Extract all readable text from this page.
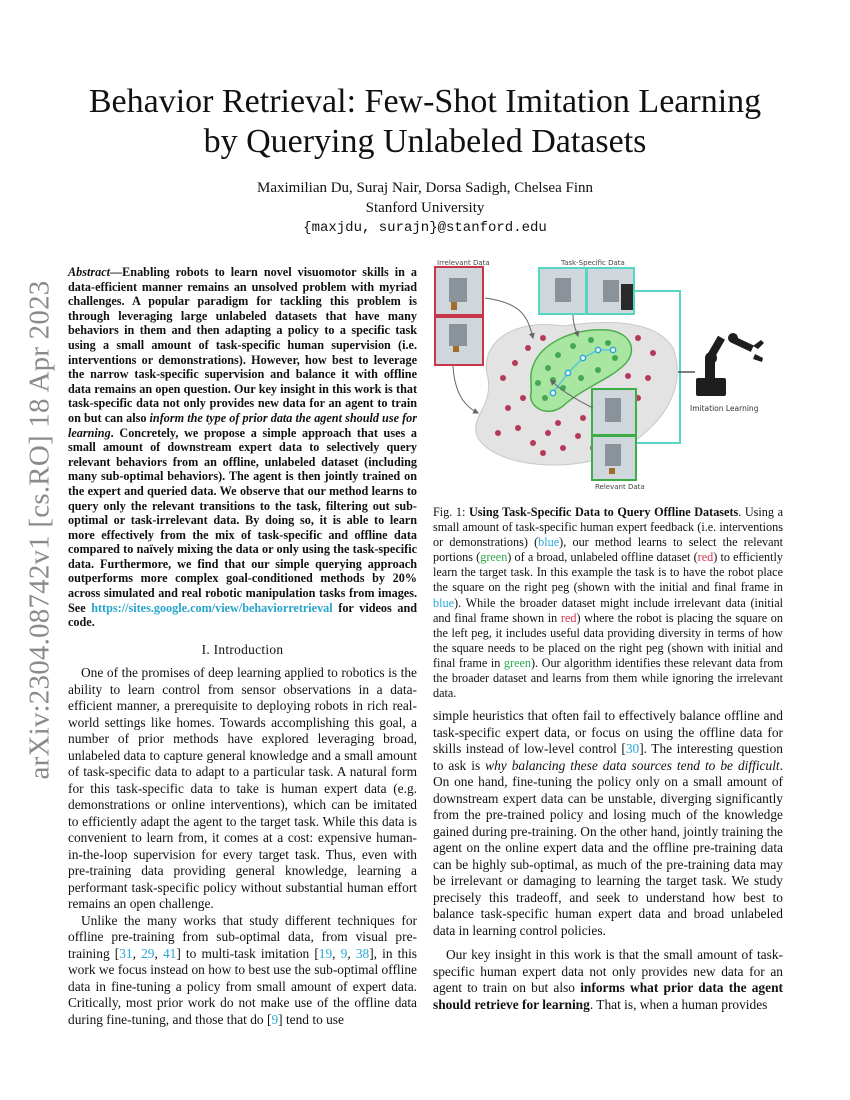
arXiv:2304.08742v1 [cs.RO] 18 Apr 2023
Behavior Retrieval: Few-Shot Imitation Learning
by Querying Unlabeled Datasets
Maximilian Du, Suraj Nair, Dorsa Sadigh, Chelsea Finn
Stanford University
{maxjdu, surajn}@stanford.edu
Abstract—Enabling robots to learn novel visuomotor skills in a data-efficient manner remains an unsolved problem with myriad challenges. A popular paradigm for tackling this problem is through leveraging large unlabeled datasets that have many behaviors in them and then adapting a policy to a specific task using a small amount of task-specific human supervision (i.e. interventions or demonstrations). However, how best to leverage the narrow task-specific supervision and balance it with offline data remains an open question. Our key insight in this work is that task-specific data not only provides new data for an agent to train on but can also inform the type of prior data the agent should use for learning. Concretely, we propose a simple approach that uses a small amount of downstream expert data to selectively query relevant behaviors from an offline, unlabeled dataset (including many sub-optimal behaviors). The agent is then jointly trained on the expert and queried data. We observe that our method learns to query only the relevant transitions to the task, filtering out sub-optimal or task-irrelevant data. By doing so, it is able to learn more effectively from the mix of task-specific and offline data compared to naïvely mixing the data or only using the task-specific data. Furthermore, we find that our simple querying approach outperforms more complex goal-conditioned methods by 20% across simulated and real robotic manipulation tasks from images. See https://sites.google.com/view/behaviorretrieval for videos and code.
I. Introduction

One of the promises of deep learning applied to robotics is the ability to learn control from sensor observations in a data-efficient manner, a prerequisite to deploying robots in rich real-world settings like homes. Towards accomplishing this goal, a number of prior methods have explored leveraging broad, unlabeled data to capture general knowledge and a small amount of task-specific data to adapt to a particular task. A natural form for this task-specific data to take is human expert data (e.g. demonstrations or online interventions), which can be imitated to efficiently adapt the agent to the target task. While this data is convenient to learn from, it comes at a cost: expensive human-in-the-loop supervision for every target task. Thus, even with pre-training data providing general knowledge, learning a performant task-specific policy without substantial human effort remains an open challenge.

Unlike the many works that study different techniques for offline pre-training from sub-optimal data, from visual pre-training [31, 29, 41] to multi-task imitation [19, 9, 38], in this work we focus instead on how to best use the sub-optimal offline data in fine-tuning a policy from small amount of expert data. Critically, most prior work do not make use of the offline data during fine-tuning, and those that do [9] tend to use

Irrelevant Data	Task-Specific Data
Relevant Data
Imitation Learning
Fig. 1: Using Task-Specific Data to Query Offline Datasets. Using a small amount of task-specific human expert feedback (i.e. interventions or demonstrations) (blue), our method learns to select the relevant portions (green) of a broad, unlabeled offline dataset (red) to efficiently learn the target task. In this example the task is to have the robot place the square on the right peg (shown with the initial and final frame in blue). While the broader dataset might include irrelevant data (initial and final frame shown in red) where the robot is placing the square on the left peg, it includes useful data providing diversity in terms of how the square needs to be placed on the right peg (shown with initial and final frame in green). Our algorithm identifies these relevant data from the broader dataset and learns from them while ignoring the irrelevant data.

simple heuristics that often fail to effectively balance offline and task-specific expert data, or focus on using the offline data for skills instead of low-level control [30]. The interesting question to ask is why balancing these data sources tend to be difficult. On one hand, fine-tuning the policy only on a small amount of downstream expert data can be unstable, diverging significantly from the pre-trained policy and losing much of the knowledge gained during pre-training. On the other hand, jointly training the agent on the online expert data and the offline pre-training data can be highly sub-optimal, as much of the pre-training data may be irrelevant or damaging to learning the target task. We study precisely this tradeoff, and seek to understand how best to balance task-specific human expert data and broad unlabeled data in learning control policies.

Our key insight in this work is that the small amount of task-specific human expert data not only provides new data for an agent to train on but also informs what prior data the agent should retrieve for learning. That is, when a human provides
